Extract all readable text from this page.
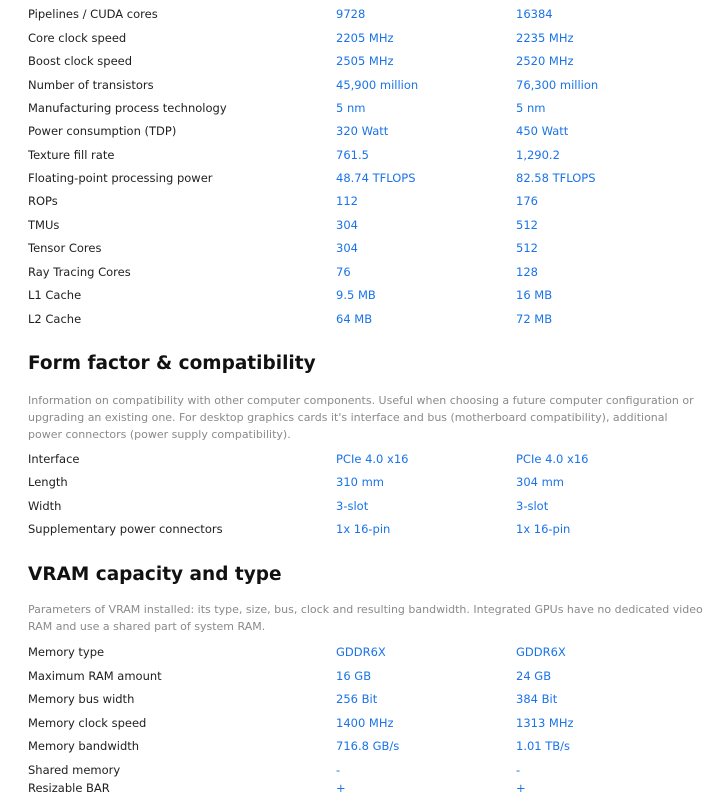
Pipelines / CUDA cores	9728	16384
Core clock speed	2205 MHz	2235 MHz
Boost clock speed	2505 MHz	2520 MHz
Number of transistors	45,900 million	76,300 million
Manufacturing process technology	5 nm	5 nm
Power consumption (TDP)	320 Watt	450 Watt
Texture fill rate	761.5	1,290.2
Floating-point processing power	48.74 TFLOPS	82.58 TFLOPS
ROPs	112	176
TMUs	304	512
Tensor Cores	304	512
Ray Tracing Cores	76	128
L1 Cache	9.5 MB	16 MB
L2 Cache	64 MB	72 MB
Form factor & compatibility

Information on compatibility with other computer components. Useful when choosing a future computer configuration or upgrading an existing one. For desktop graphics cards it's interface and bus (motherboard compatibility), additional power connectors (power supply compatibility).

Interface	PCIe 4.0 x16	PCIe 4.0 x16
Length	310 mm	304 mm
Width	3-slot	3-slot
Supplementary power connectors	1x 16-pin	1x 16-pin
VRAM capacity and type

Parameters of VRAM installed: its type, size, bus, clock and resulting bandwidth. Integrated GPUs have no dedicated video RAM and use a shared part of system RAM.

Memory type	GDDR6X	GDDR6X
Maximum RAM amount	16 GB	24 GB
Memory bus width	256 Bit	384 Bit
Memory clock speed	1400 MHz	1313 MHz
Memory bandwidth	716.8 GB/s	1.01 TB/s
Shared memory	-	-
Resizable BAR	+	+
